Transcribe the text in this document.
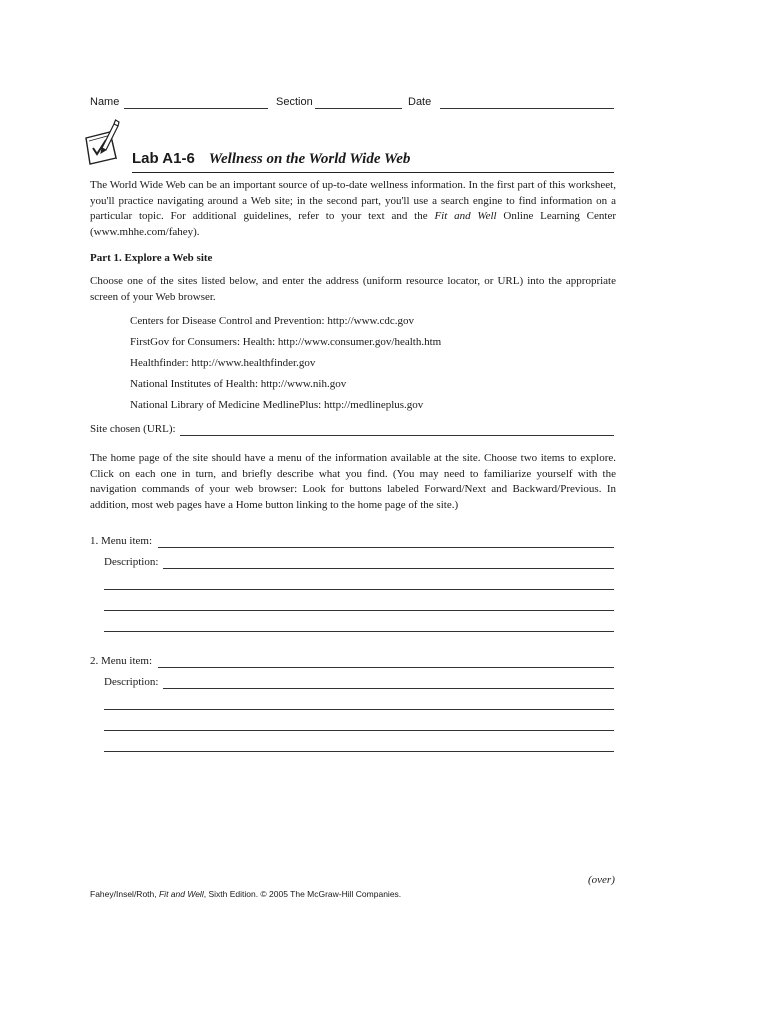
Name	Section	Date
Lab A1-6 Wellness on the World Wide Web

The World Wide Web can be an important source of up-to-date wellness information. In the first part of this worksheet, you'll practice navigating around a Web site; in the second part, you'll use a search engine to find information on a particular topic. For additional guidelines, refer to your text and the Fit and Well Online Learning Center (www.mhhe.com/fahey).

Part 1. Explore a Web site
Choose one of the sites listed below, and enter the address (uniform resource locator, or URL) into the appropriate screen of your Web browser.
Centers for Disease Control and Prevention: http://www.cdc.gov
FirstGov for Consumers: Health: http://www.consumer.gov/health.htm
Healthfinder: http://www.healthfinder.gov
National Institutes of Health: http://www.nih.gov
National Library of Medicine MedlinePlus: http://medlineplus.gov
Site chosen (URL):
The home page of the site should have a menu of the information available at the site. Choose two items to explore. Click on each one in turn, and briefly describe what you find. (You may need to familiarize yourself with the navigation commands of your web browser: Look for buttons labeled Forward/Next and Backward/Previous. In addition, most web pages have a Home button linking to the home page of the site.)
1. Menu item:
Description:
2. Menu item:
Description:
(over)
Fahey/Insel/Roth, Fit and Well, Sixth Edition. © 2005 The McGraw-Hill Companies.
